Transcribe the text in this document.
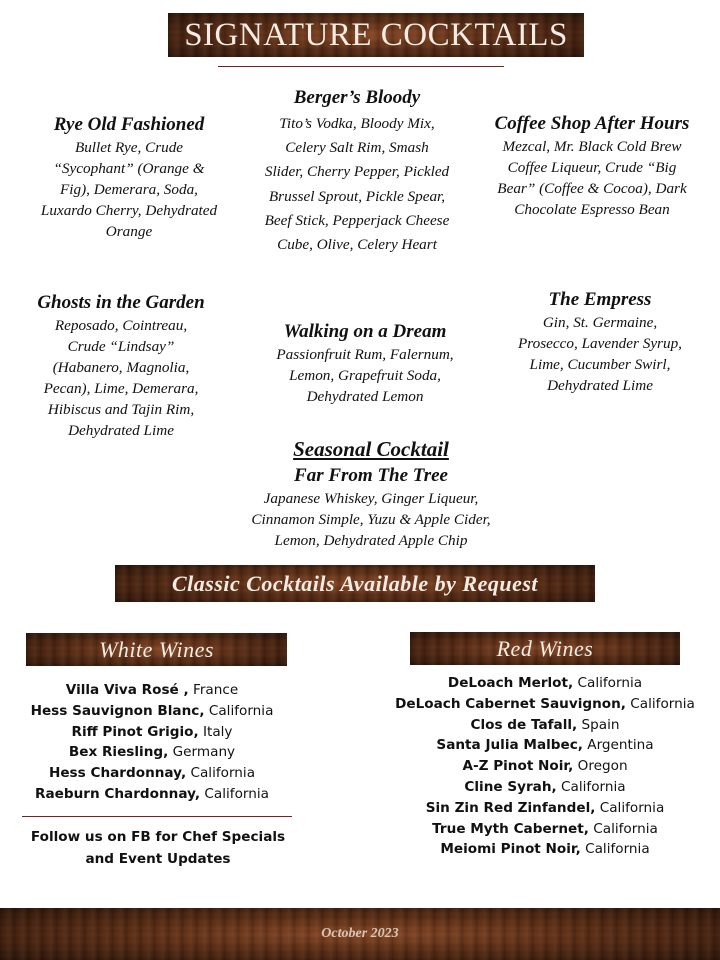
SIGNATURE COCKTAILS
Rye Old Fashioned
Bullet Rye, Crude
“Sycophant” (Orange &
Fig), Demerara, Soda,
Luxardo Cherry, Dehydrated
Orange
Berger’s Bloody
Tito’s Vodka, Bloody Mix,
Celery Salt Rim, Smash
Slider, Cherry Pepper, Pickled
Brussel Sprout, Pickle Spear,
Beef Stick, Pepperjack Cheese
Cube, Olive, Celery Heart
Coffee Shop After Hours
Mezcal, Mr. Black Cold Brew
Coffee Liqueur, Crude “Big
Bear” (Coffee & Cocoa), Dark
Chocolate Espresso Bean
Ghosts in the Garden
Reposado, Cointreau,
Crude “Lindsay”
(Habanero, Magnolia,
Pecan), Lime, Demerara,
Hibiscus and Tajin Rim,
Dehydrated Lime
Walking on a Dream
Passionfruit Rum, Falernum,
Lemon, Grapefruit Soda,
Dehydrated Lemon
The Empress
Gin, St. Germaine,
Prosecco, Lavender Syrup,
Lime, Cucumber Swirl,
Dehydrated Lime
Seasonal Cocktail
Far From The Tree
Japanese Whiskey, Ginger Liqueur,
Cinnamon Simple, Yuzu & Apple Cider,
Lemon, Dehydrated Apple Chip
Classic Cocktails Available by Request
White Wines
Villa Viva Rosé , France
Hess Sauvignon Blanc, California
Riff Pinot Grigio, Italy
Bex Riesling, Germany
Hess Chardonnay, California
Raeburn Chardonnay, California
Follow us on FB for Chef Specials
and Event Updates
Red Wines
DeLoach Merlot, California
DeLoach Cabernet Sauvignon, California
Clos de Tafall, Spain
Santa Julia Malbec, Argentina
A-Z Pinot Noir, Oregon
Cline Syrah, California
Sin Zin Red Zinfandel, California
True Myth Cabernet, California
Meiomi Pinot Noir, California
October 2023
